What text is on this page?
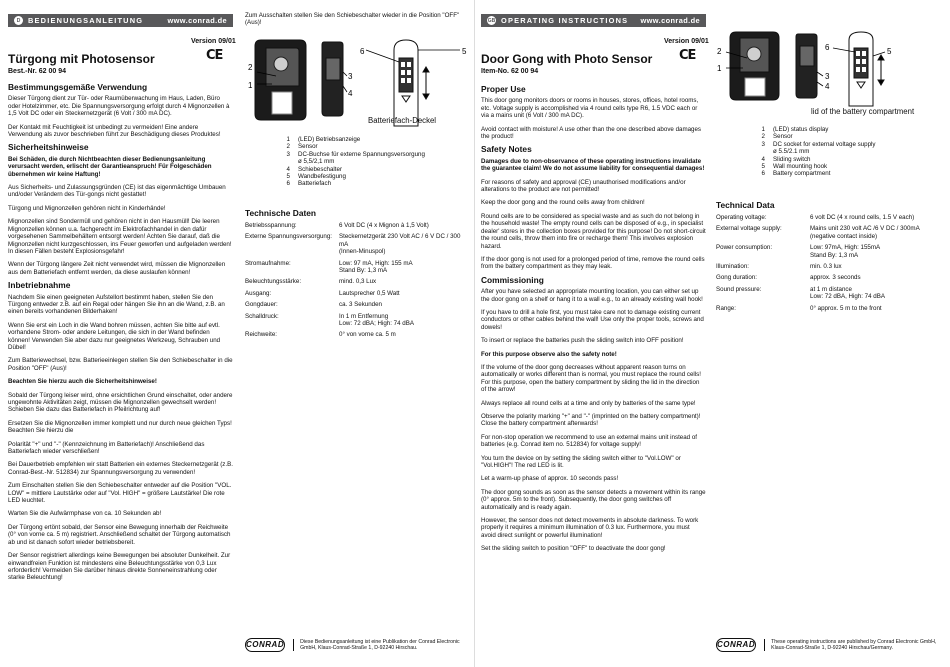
D	BEDIENUNGSANLEITUNG	www.conrad.de
Version 09/01
CE
Türgong mit Photosensor
Best.-Nr. 62 00 94
Bestimmungsgemäße Verwendung

Dieser Türgong dient zur Tür- oder Raumüberwachung im Haus, Laden, Büro oder Hotelzimmer, etc. Die Spannungsversorgung erfolgt durch 4 Mignonzellen à 1,5 Volt DC oder ein Steckernetzgerät (6 Volt / 300 mA DC).

Der Kontakt mit Feuchtigkeit ist unbedingt zu vermeiden! Eine andere Verwendung als zuvor beschrieben führt zur Beschädigung dieses Produktes!

Sicherheitshinweise

Bei Schäden, die durch Nichtbeachten dieser Bedienungsanleitung verursacht werden, erlischt der Garantieanspruch! Für Folgeschäden übernehmen wir keine Haftung!

Aus Sicherheits- und Zulassungsgründen (CE) ist das eigenmächtige Umbauen und/oder Verändern des Tür-gongs nicht gestattet!

Türgong und Mignonzellen gehören nicht in Kinderhände!

Mignonzellen sind Sondermüll und gehören nicht in den Hausmüll! Die leeren Mignonzellen können u.a. fachgerecht im Elektrofachhandel in den dafür vorgesehenen Sammelbehältern entsorgt werden! Achten Sie darauf, daß die Mignonzellen nicht kurzgeschlossen, ins Feuer geworfen und aufgeladen werden! In diesen Fällen besteht Explosionsgefahr!

Wenn der Türgong längere Zeit nicht verwendet wird, müssen die Mignonzellen aus dem Batteriefach entfernt werden, da diese auslaufen können!

Inbetriebnahme

Nachdem Sie einen geeigneten Aufstellort bestimmt haben, stellen Sie den Türgong entweder z.B. auf ein Regal oder hängen Sie ihn an die Wand, z.B. an einen bereits vorhandenen Bilderhaken!

Wenn Sie erst ein Loch in die Wand bohren müssen, achten Sie bitte auf evtl. vorhandene Strom- oder andere Leitungen, die sich in der Wand befinden können! Verwenden Sie aber dazu nur geeignetes Werkzeug, Schrauben und Dübel!

Zum Batteriewechsel, bzw. Batterieeinlegen stellen Sie den Schiebeschalter in die Position "OFF" (Aus)!

Beachten Sie hierzu auch die Sicherheitshinweise!

Sobald der Türgong leiser wird, ohne ersichtlichen Grund einschaltet, oder andere ungewohnte Aktivitäten zeigt, müssen die Mignonzellen gewechselt werden! Schieben Sie dazu das Batteriefach in Pfeilrichtung auf!

Ersetzen Sie die Mignonzellen immer komplett und nur durch neue gleichen Typs! Beachten Sie hierzu die

Polarität "+" und "-" (Kennzeichnung im Batteriefach)! Anschließend das Batteriefach wieder verschließen!

Bei Dauerbetrieb empfehlen wir statt Batterien ein externes Steckernetzgerät (z.B. Conrad-Best.-Nr. 512834) zur Spannungsversorgung zu verwenden!

Zum Einschalten stellen Sie den Schiebeschalter entweder auf die Position "VOL. LOW" = mittlere Lautstärke oder auf "Vol. HIGH" = größere Lautstärke! Die rote LED leuchtet.

Warten Sie die Aufwärmphase von ca. 10 Sekunden ab!

Der Türgong ertönt sobald, der Sensor eine Bewegung innerhalb der Reichweite (0° von vorne ca. 5 m) registriert. Anschließend schaltet der Türgong automatisch ab und ist danach sofort wieder betriebsbereit.

Der Sensor registriert allerdings keine Bewegungen bei absoluter Dunkelheit. Zur einwandfreien Funktion ist mindestens eine Beleuchtungsstärke von 0,3 Lux erforderlich! Vermeiden Sie darüber hinaus direkte Sonneneinstrahlung oder starke Beleuchtung!

Zum Ausschalten stellen Sie den Schiebeschalter wieder in die Position "OFF" (Aus)!
2
1
3
4
6	5
Batteriefach-Deckel
1	(LED) Betriebsanzeige
2	Sensor
3	DC-Buchse für externe Spannungsversorgung
ø 5,5/2,1 mm
4	Schiebeschalter
5	Wandbefestigung
6	Batteriefach
Technische Daten
Betriebsspannung:	6 Volt DC (4 x Mignon à 1,5 Volt)
Externe Spannungsversorgung:	Steckernetzgerät 230 Volt AC / 6 V DC / 300 mA
(Innen-Minuspol)
Stromaufnahme:	Low: 97 mA, High: 155 mA
Stand By: 1,3 mA
Beleuchtungsstärke:	mind. 0,3 Lux
Ausgang:	Lautsprecher 0,5 Watt
Gongdauer:	ca. 3 Sekunden
Schalldruck:	In 1 m Entfernung
Low: 72 dBA; High: 74 dBA
Reichweite:	0° von vorne ca. 5 m
CONRAD	Diese Bedienungsanleitung ist eine Publikation der Conrad Electronic GmbH, Klaus-Conrad-Straße 1, D-92240 Hirschau.
GB OPERATING INSTRUCTIONS www.conrad.de
Version 09/01
CE
Door Gong with Photo Sensor
Item-No. 62 00 94
Proper Use

This door gong monitors doors or rooms in houses, stores, offices, hotel rooms, etc. Voltage supply is accomplished via 4 round cells type R6, 1.5 VDC each or via a mains unit (6 Volt / 300 mA DC).

Avoid contact with moisture! A use other than the one described above damages the product!

Safety Notes

Damages due to non-observance of these operating instructions invalidate the guarantee claim! We do not assume liability for consequential damages!

For reasons of safety and approval (CE) unauthorised modifications and/or alterations to the product are not permitted!

Keep the door gong and the round cells away from children!

Round cells are to be considered as special waste and as such do not belong in the household waste! The empty round cells can be disposed of e.g., in specialist dealer' stores in the collection boxes provided for this purpose! Do not short-circuit the round cells, throw them into fire or recharge them! This involves explosion hazard.

If the door gong is not used for a prolonged period of time, remove the round cells from the battery compartment as they may leak.

Commissioning

After you have selected an appropriate mounting location, you can either set up the door gong on a shelf or hang it to a wall e.g., to an already existing wall hook!

If you have to drill a hole first, you must take care not to damage existing current conductors or other cables behind the wall! Use only the proper tools, screws and dowels!

To insert or replace the batteries push the sliding switch into OFF position!

For this purpose observe also the safety note!

If the volume of the door gong decreases without apparent reason turns on automatically or works different than is normal, you must replace the round cells! For this purpose, open the battery compartment by sliding the lid in the direction of the arrow!

Always replace all round cells at a time and only by batteries of the same type!

Observe the polarity marking "+" and "-" (imprinted on the battery compartment)! Close the battery compartment afterwards!

For non-stop operation we recommend to use an external mains unit instead of batteries (e.g. Conrad item no. 512834) for voltage supply!

You turn the device on by setting the sliding switch either to "Vol.LOW" or "Vol.HIGH"! The red LED is lit.

Let a warm-up phase of approx. 10 seconds pass!

The door gong sounds as soon as the sensor detects a movement within its range (0° approx. 5m to the front). Subsequently, the door gong switches off automatically and is ready again.

However, the sensor does not detect movements in absolute darkness. To work properly it requires a minimum illumination of 0.3 lux. Furthermore, you must avoid direct sunlight or powerful illumination!

Set the sliding switch to position "OFF" to deactivate the door gong!

2
1
3
4
6	5
lid of the battery compartment
1	(LED) status display
2	Sensor
3	DC socket for external voltage supply
ø 5.5/2.1 mm
4	Sliding switch
5	Wall mounting hook
6	Battery compartment
Technical Data
Operating voltage:	6 volt DC (4 x round cells, 1.5 V each)
External voltage supply:	Mains unit 230 volt AC /6 V DC / 300mA
(negative contact inside)
Power consumption:	Low: 97mA, High: 155mA
Stand By: 1,3 mA
Illumination:	min. 0.3 lux
Gong duration:	approx. 3 seconds
Sound pressure:	at 1 m distance
Low: 72 dBA, High: 74 dBA
Range:	0° approx. 5 m to the front
CONRAD	These operating instructions are published by Conrad Electronic GmbH, Klaus-Conrad-Straße 1, D-92240 Hirschau/Germany.
